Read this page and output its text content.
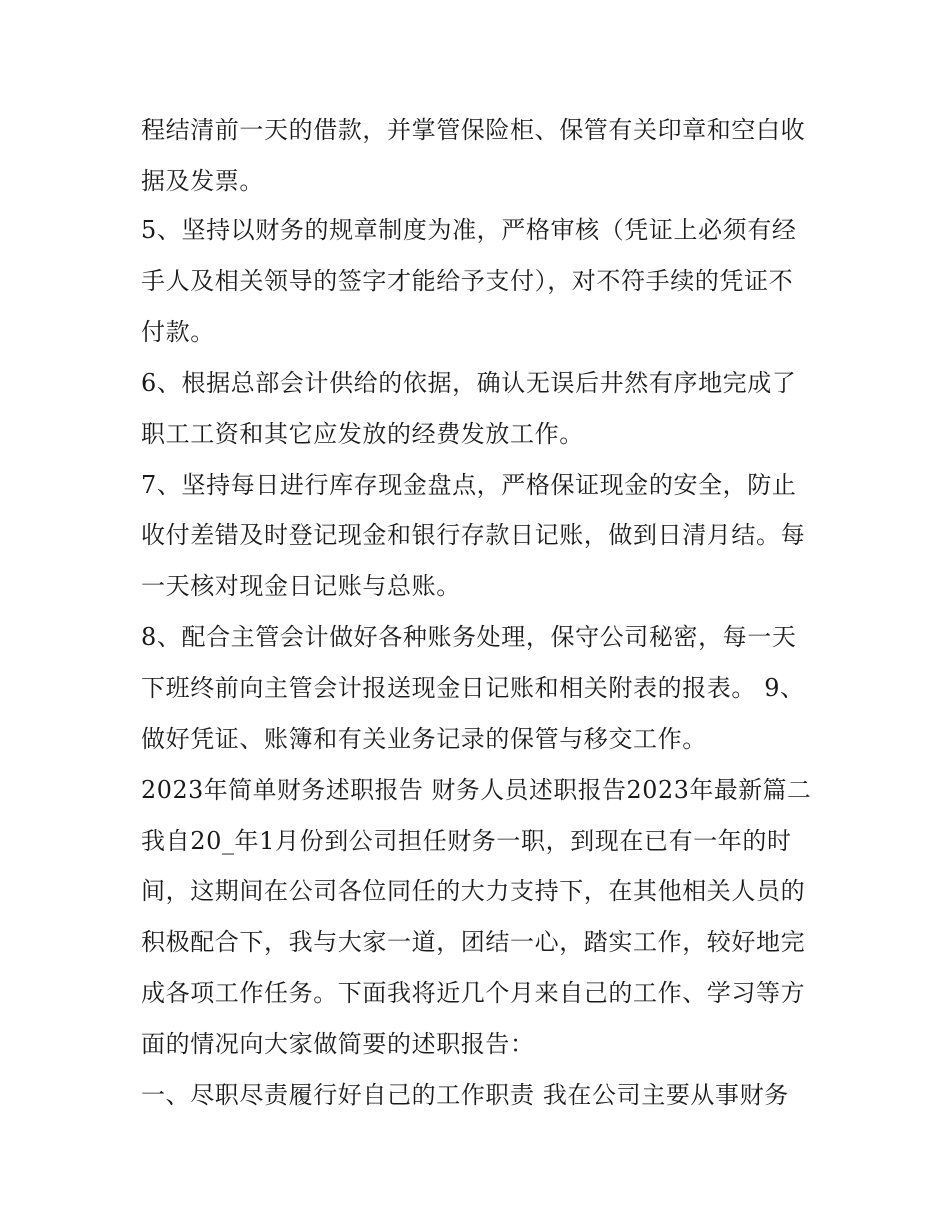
程结清前一天的借款，并掌管保险柜、保管有关印章和空白收
据及发票。
5、坚持以财务的规章制度为准，严格审核（凭证上必须有经
手人及相关领导的签字才能给予支付），对不符手续的凭证不
付款。
6、根据总部会计供给的依据，确认无误后井然有序地完成了
职工工资和其它应发放的经费发放工作。
7、坚持每日进行库存现金盘点，严格保证现金的安全，防止
收付差错及时登记现金和银行存款日记账，做到日清月结。每
一天核对现金日记账与总账。
8、配合主管会计做好各种账务处理，保守公司秘密，每一天
下班终前向主管会计报送现金日记账和相关附表的报表。 9、
做好凭证、账簿和有关业务记录的保管与移交工作。
2023年简单财务述职报告 财务人员述职报告2023年最新篇二
我自20_年1月份到公司担任财务一职，到现在已有一年的时
间，这期间在公司各位同任的大力支持下，在其他相关人员的
积极配合下，我与大家一道，团结一心，踏实工作，较好地完
成各项工作任务。下面我将近几个月来自己的工作、学习等方
面的情况向大家做简要的述职报告：
一、尽职尽责履行好自己的工作职责 我在公司主要从事财务
